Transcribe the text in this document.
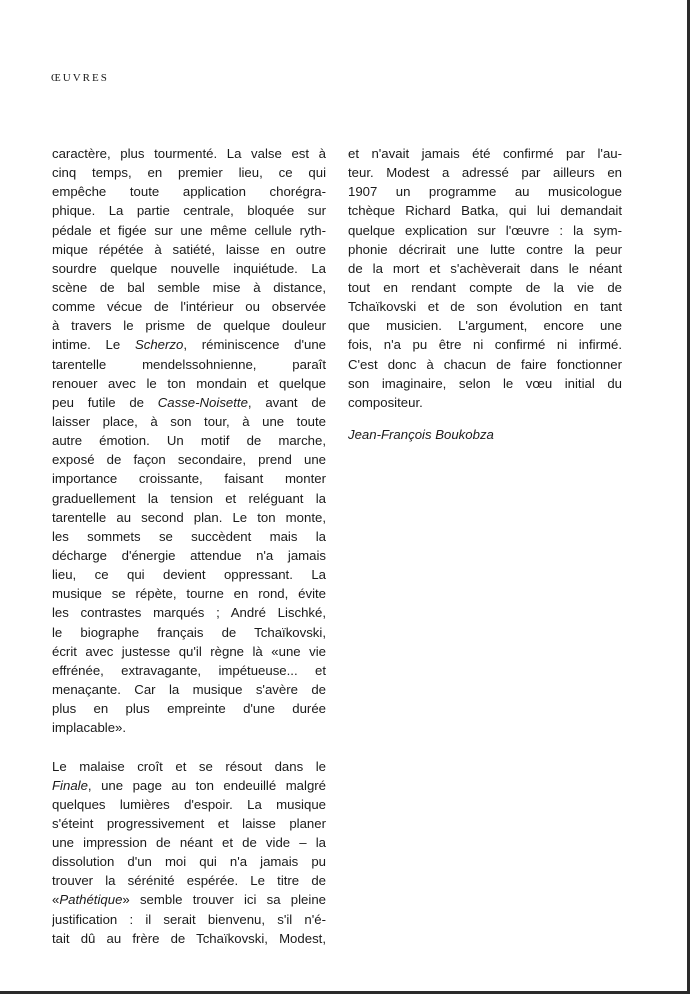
ŒUVRES
caractère, plus tourmenté. La valse est à
cinq temps, en premier lieu, ce qui
empêche toute application chorégra-
phique. La partie centrale, bloquée sur
pédale et figée sur une même cellule ryth-
mique répétée à satiété, laisse en outre
sourdre quelque nouvelle inquiétude. La
scène de bal semble mise à distance,
comme vécue de l'intérieur ou observée
à travers le prisme de quelque douleur
intime. Le Scherzo, réminiscence d'une
tarentelle mendelssohnienne, paraît
renouer avec le ton mondain et quelque
peu futile de Casse-Noisette, avant de
laisser place, à son tour, à une toute
autre émotion. Un motif de marche,
exposé de façon secondaire, prend une
importance croissante, faisant monter
graduellement la tension et reléguant la
tarentelle au second plan. Le ton monte,
les sommets se succèdent mais la
décharge d'énergie attendue n'a jamais
lieu, ce qui devient oppressant. La
musique se répète, tourne en rond, évite
les contrastes marqués ; André Lischké,
le biographe français de Tchaïkovski,
écrit avec justesse qu'il règne là «une vie
effrénée, extravagante, impétueuse... et
menaçante. Car la musique s'avère de
plus en plus empreinte d'une durée
implacable».
Le malaise croît et se résout dans le
Finale, une page au ton endeuillé malgré
quelques lumières d'espoir. La musique
s'éteint progressivement et laisse planer
une impression de néant et de vide – la
dissolution d'un moi qui n'a jamais pu
trouver la sérénité espérée. Le titre de
«Pathétique» semble trouver ici sa pleine
justification : il serait bienvenu, s'il n'é-
tait dû au frère de Tchaïkovski, Modest,
et n'avait jamais été confirmé par l'au-
teur. Modest a adressé par ailleurs en
1907 un programme au musicologue
tchèque Richard Batka, qui lui demandait
quelque explication sur l'œuvre : la sym-
phonie décrirait une lutte contre la peur
de la mort et s'achèverait dans le néant
tout en rendant compte de la vie de
Tchaïkovski et de son évolution en tant
que musicien. L'argument, encore une
fois, n'a pu être ni confirmé ni infirmé.
C'est donc à chacun de faire fonctionner
son imaginaire, selon le vœu initial du
compositeur.
Jean-François Boukobza
